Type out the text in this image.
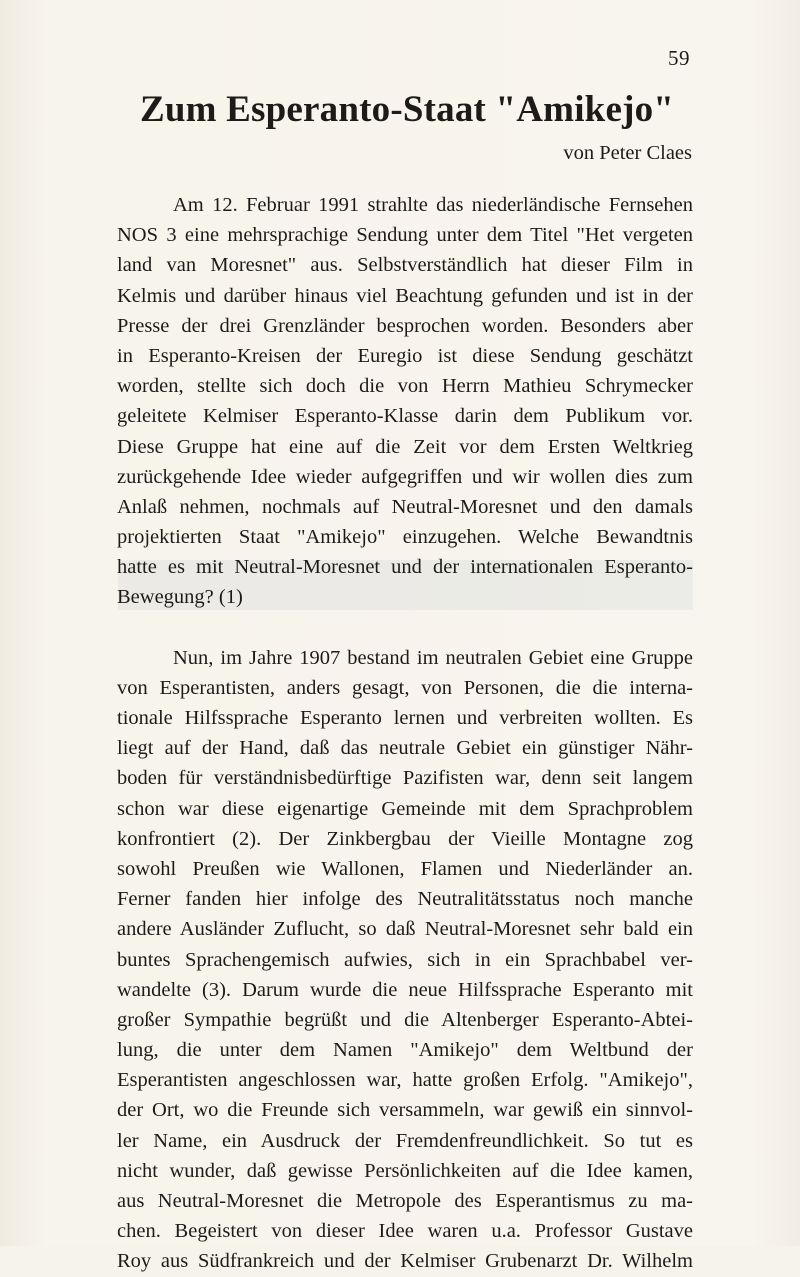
59
Zum Esperanto-Staat "Amikejo"
von Peter Claes

Am 12. Februar 1991 strahlte das niederländische Fernsehen
NOS 3 eine mehrsprachige Sendung unter dem Titel "Het vergeten
land van Moresnet" aus. Selbstverständlich hat dieser Film in
Kelmis und darüber hinaus viel Beachtung gefunden und ist in der
Presse der drei Grenzländer besprochen worden. Besonders aber
in Esperanto-Kreisen der Euregio ist diese Sendung geschätzt
worden, stellte sich doch die von Herrn Mathieu Schrymecker
geleitete Kelmiser Esperanto-Klasse darin dem Publikum vor.
Diese Gruppe hat eine auf die Zeit vor dem Ersten Weltkrieg
zurückgehende Idee wieder aufgegriffen und wir wollen dies zum
Anlaß nehmen, nochmals auf Neutral-Moresnet und den damals
projektierten Staat "Amikejo" einzugehen. Welche Bewandtnis
hatte es mit Neutral-Moresnet und der internationalen Esperanto-
Bewegung? (1)

Nun, im Jahre 1907 bestand im neutralen Gebiet eine Gruppe
von Esperantisten, anders gesagt, von Personen, die die interna-
tionale Hilfssprache Esperanto lernen und verbreiten wollten. Es
liegt auf der Hand, daß das neutrale Gebiet ein günstiger Nähr-
boden für verständnisbedürftige Pazifisten war, denn seit langem
schon war diese eigenartige Gemeinde mit dem Sprachproblem
konfrontiert (2). Der Zinkbergbau der Vieille Montagne zog
sowohl Preußen wie Wallonen, Flamen und Niederländer an.
Ferner fanden hier infolge des Neutralitätsstatus noch manche
andere Ausländer Zuflucht, so daß Neutral-Moresnet sehr bald ein
buntes Sprachengemisch aufwies, sich in ein Sprachbabel ver-
wandelte (3). Darum wurde die neue Hilfssprache Esperanto mit
großer Sympathie begrüßt und die Altenberger Esperanto-Abtei-
lung, die unter dem Namen "Amikejo" dem Weltbund der
Esperantisten angeschlossen war, hatte großen Erfolg. "Amikejo",
der Ort, wo die Freunde sich versammeln, war gewiß ein sinnvol-
ler Name, ein Ausdruck der Fremdenfreundlichkeit. So tut es
nicht wunder, daß gewisse Persönlichkeiten auf die Idee kamen,
aus Neutral-Moresnet die Metropole des Esperantismus zu ma-
chen. Begeistert von dieser Idee waren u.a. Professor Gustave
Roy aus Südfrankreich und der Kelmiser Grubenarzt Dr. Wilhelm
